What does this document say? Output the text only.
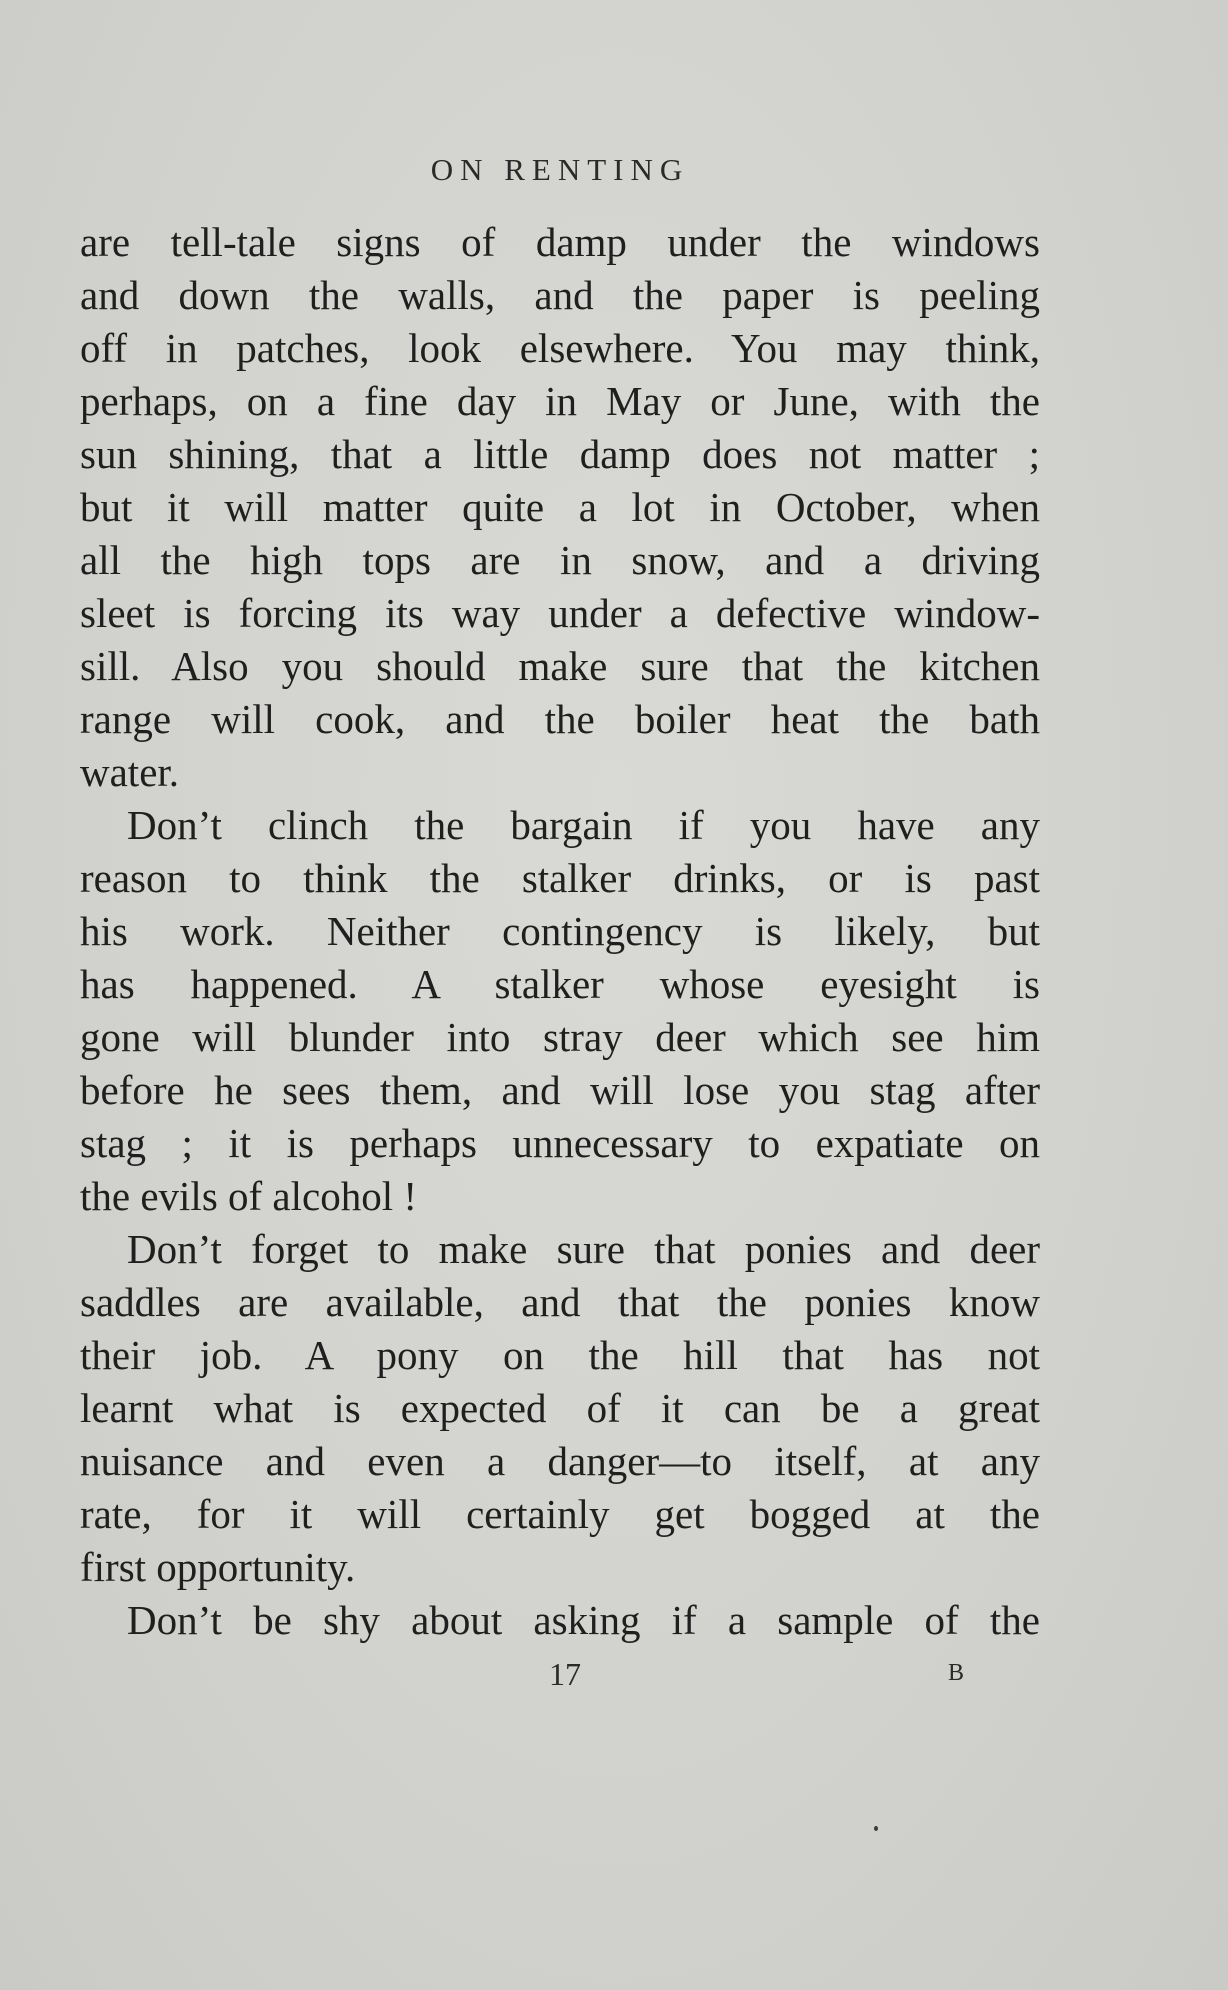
ON RENTING
are tell-tale signs of damp under the windows
and down the walls, and the paper is peeling
off in patches, look elsewhere. You may think,
perhaps, on a fine day in May or June, with the
sun shining, that a little damp does not matter ;
but it will matter quite a lot in October, when
all the high tops are in snow, and a driving
sleet is forcing its way under a defective window-
sill. Also you should make sure that the kitchen
range will cook, and the boiler heat the bath
water.
Don’t clinch the bargain if you have any
reason to think the stalker drinks, or is past
his work. Neither contingency is likely, but
has happened. A stalker whose eyesight is
gone will blunder into stray deer which see him
before he sees them, and will lose you stag after
stag ; it is perhaps unnecessary to expatiate on
the evils of alcohol !
Don’t forget to make sure that ponies and deer
saddles are available, and that the ponies know
their job. A pony on the hill that has not
learnt what is expected of it can be a great
nuisance and even a danger—to itself, at any
rate, for it will certainly get bogged at the
first opportunity.
Don’t be shy about asking if a sample of the
17	B
